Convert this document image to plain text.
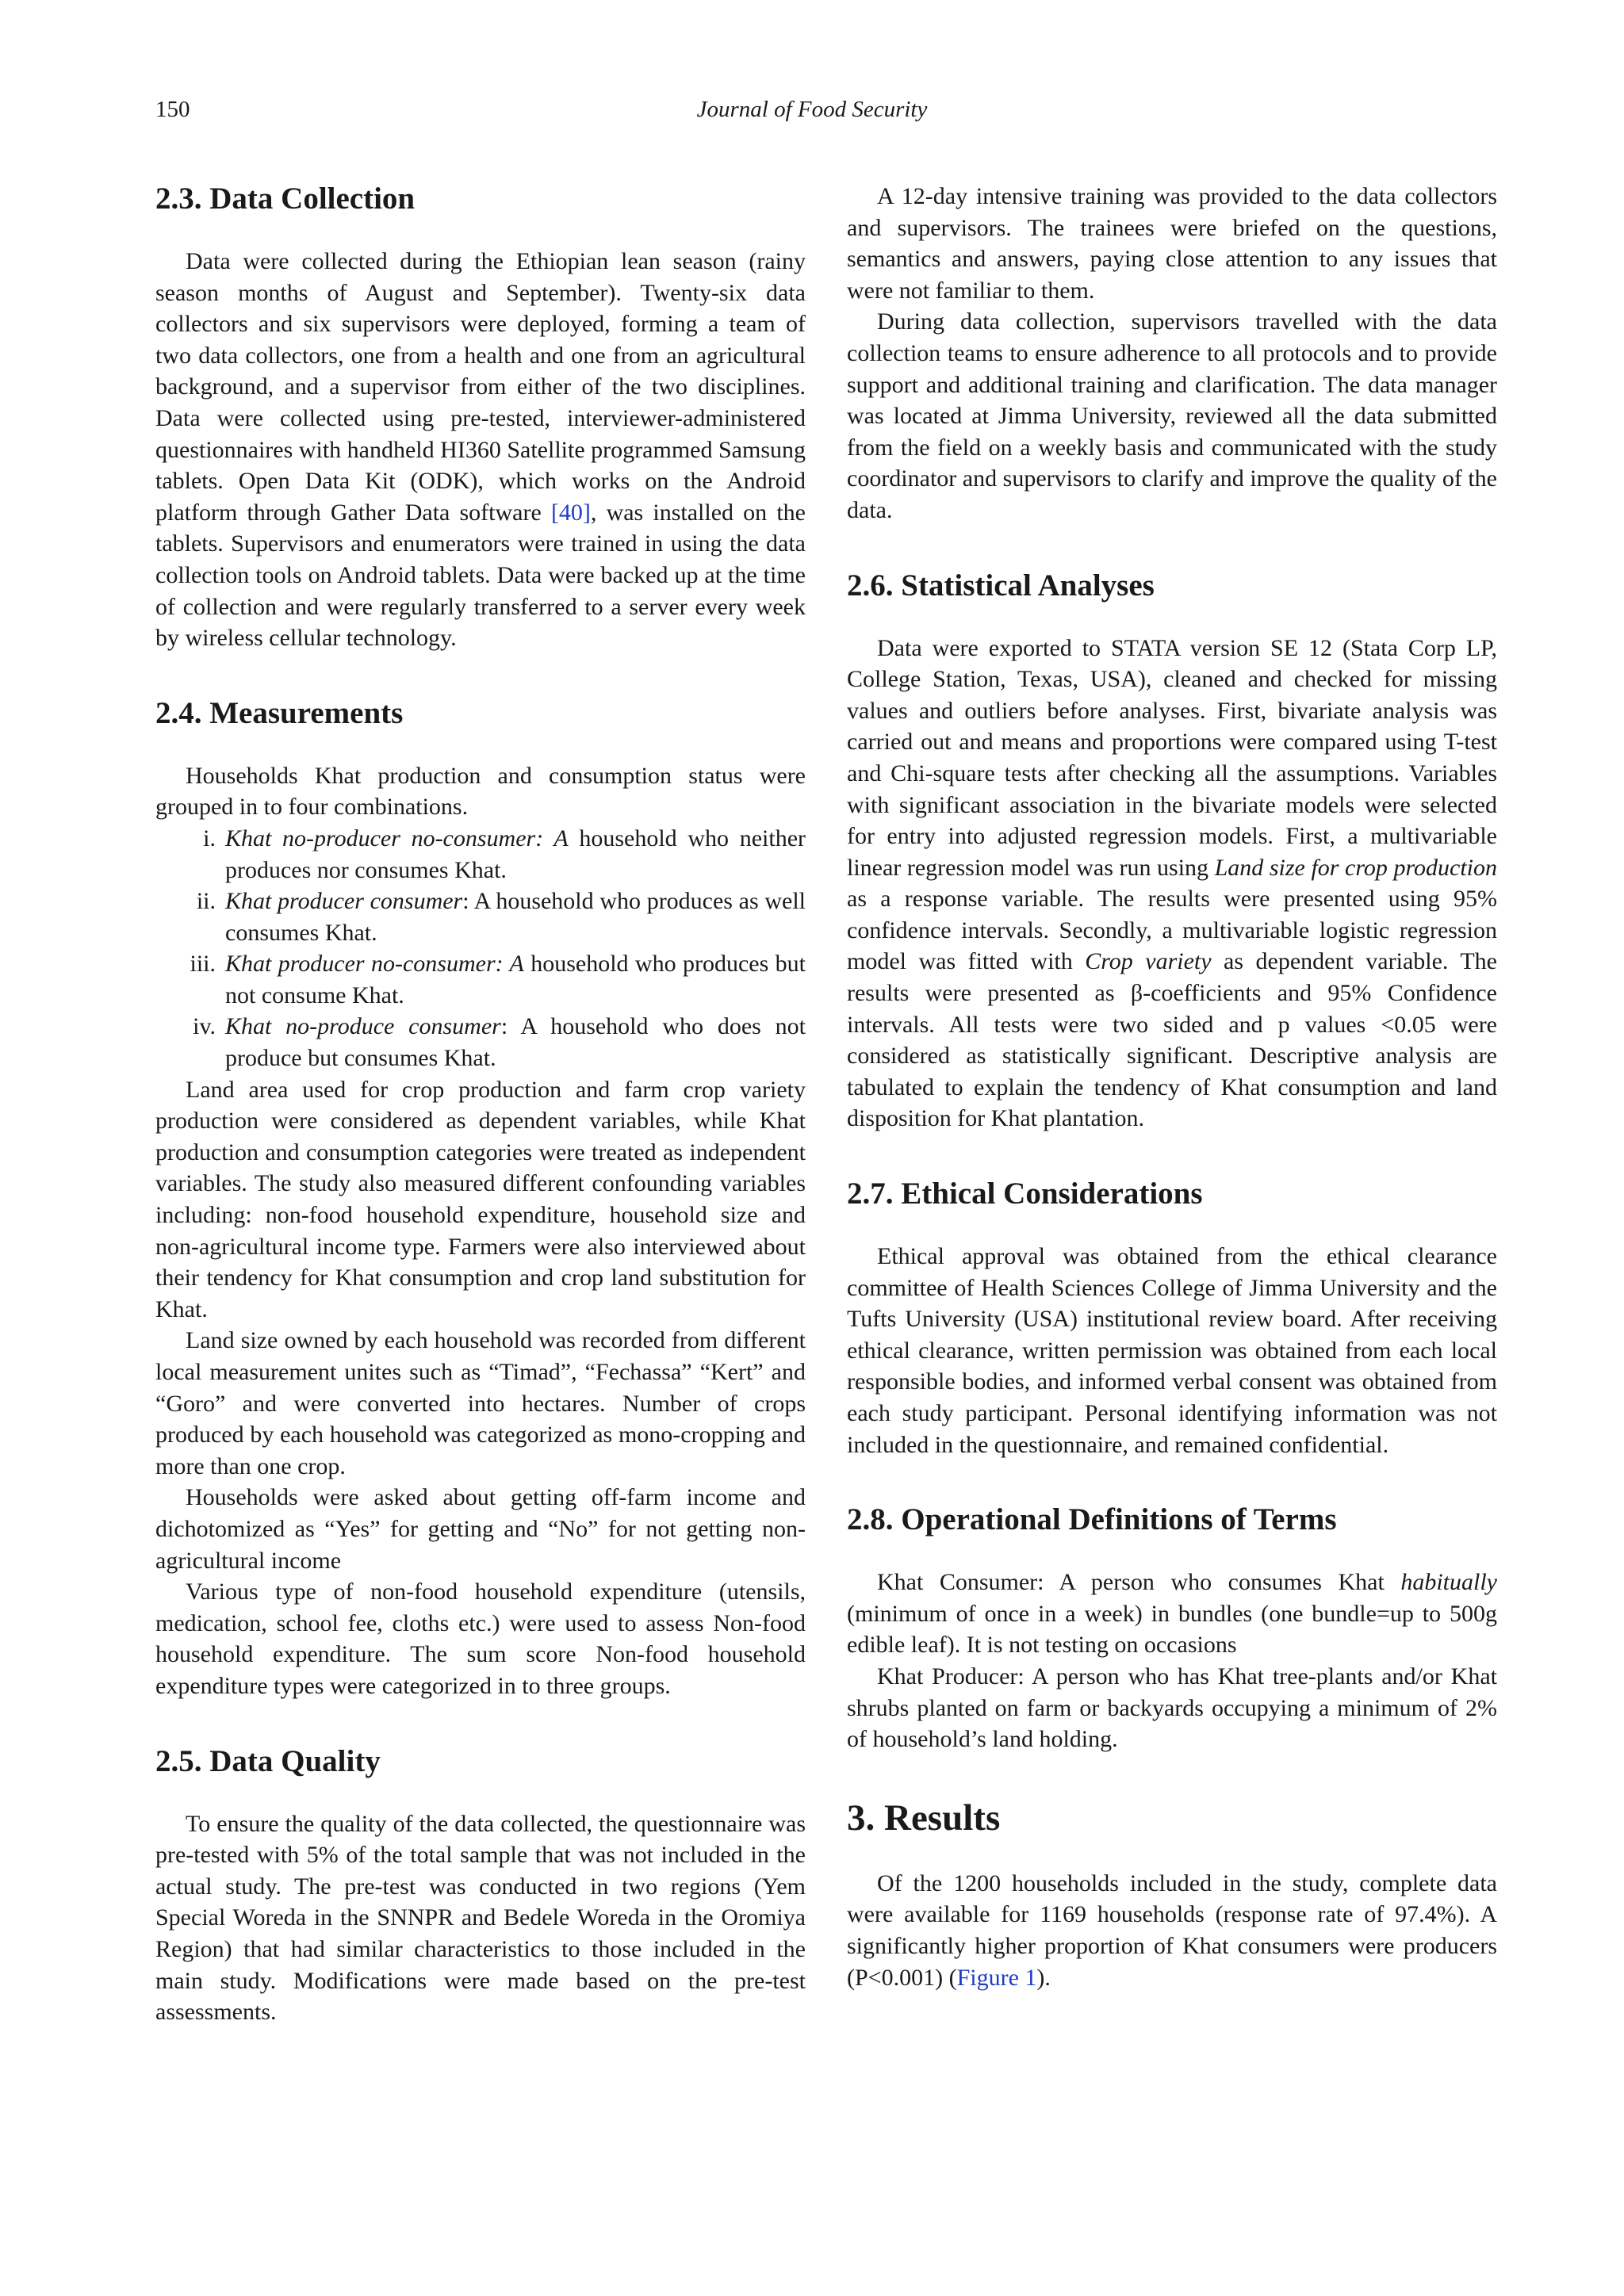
150	Journal of Food Security
2.3. Data Collection

Data were collected during the Ethiopian lean season (rainy season months of August and September). Twenty-six data collectors and six supervisors were deployed, forming a team of two data collectors, one from a health and one from an agricultural background, and a supervisor from either of the two disciplines. Data were collected using pre-tested, interviewer-administered questionnaires with handheld HI360 Satellite programmed Samsung tablets. Open Data Kit (ODK), which works on the Android platform through Gather Data software [40], was installed on the tablets. Supervisors and enumerators were trained in using the data collection tools on Android tablets. Data were backed up at the time of collection and were regularly transferred to a server every week by wireless cellular technology.

2.4. Measurements

Households Khat production and consumption status were grouped in to four combinations.

i. Khat no-producer no-consumer: A household who neither produces nor consumes Khat.
ii. Khat producer consumer: A household who produces as well consumes Khat.
iii. Khat producer no-consumer: A household who produces but not consume Khat.
iv. Khat no-produce consumer: A household who does not produce but consumes Khat.

Land area used for crop production and farm crop variety production were considered as dependent variables, while Khat production and consumption categories were treated as independent variables. The study also measured different confounding variables including: non-food household expenditure, household size and non-agricultural income type. Farmers were also interviewed about their tendency for Khat consumption and crop land substitution for Khat.

Land size owned by each household was recorded from different local measurement unites such as “Timad”, “Fechassa” “Kert” and “Goro” and were converted into hectares. Number of crops produced by each household was categorized as mono-cropping and more than one crop.

Households were asked about getting off-farm income and dichotomized as “Yes” for getting and “No” for not getting non-agricultural income

Various type of non-food household expenditure (utensils, medication, school fee, cloths etc.) were used to assess Non-food household expenditure. The sum score Non-food household expenditure types were categorized in to three groups.

2.5. Data Quality

To ensure the quality of the data collected, the questionnaire was pre-tested with 5% of the total sample that was not included in the actual study. The pre-test was conducted in two regions (Yem Special Woreda in the SNNPR and Bedele Woreda in the Oromiya Region) that had similar characteristics to those included in the main study. Modifications were made based on the pre-test assessments.

A 12-day intensive training was provided to the data collectors and supervisors. The trainees were briefed on the questions, semantics and answers, paying close attention to any issues that were not familiar to them.

During data collection, supervisors travelled with the data collection teams to ensure adherence to all protocols and to provide support and additional training and clarification. The data manager was located at Jimma University, reviewed all the data submitted from the field on a weekly basis and communicated with the study coordinator and supervisors to clarify and improve the quality of the data.

2.6. Statistical Analyses

Data were exported to STATA version SE 12 (Stata Corp LP, College Station, Texas, USA), cleaned and checked for missing values and outliers before analyses. First, bivariate analysis was carried out and means and proportions were compared using T-test and Chi-square tests after checking all the assumptions. Variables with significant association in the bivariate models were selected for entry into adjusted regression models. First, a multivariable linear regression model was run using Land size for crop production as a response variable. The results were presented using 95% confidence intervals. Secondly, a multivariable logistic regression model was fitted with Crop variety as dependent variable. The results were presented as β-coefficients and 95% Confidence intervals. All tests were two sided and p values <0.05 were considered as statistically significant. Descriptive analysis are tabulated to explain the tendency of Khat consumption and land disposition for Khat plantation.

2.7. Ethical Considerations

Ethical approval was obtained from the ethical clearance committee of Health Sciences College of Jimma University and the Tufts University (USA) institutional review board. After receiving ethical clearance, written permission was obtained from each local responsible bodies, and informed verbal consent was obtained from each study participant. Personal identifying information was not included in the questionnaire, and remained confidential.

2.8. Operational Definitions of Terms

Khat Consumer: A person who consumes Khat habitually (minimum of once in a week) in bundles (one bundle=up to 500g edible leaf). It is not testing on occasions

Khat Producer: A person who has Khat tree-plants and/or Khat shrubs planted on farm or backyards occupying a minimum of 2% of household’s land holding.

3. Results

Of the 1200 households included in the study, complete data were available for 1169 households (response rate of 97.4%). A significantly higher proportion of Khat consumers were producers (P<0.001) (Figure 1).
